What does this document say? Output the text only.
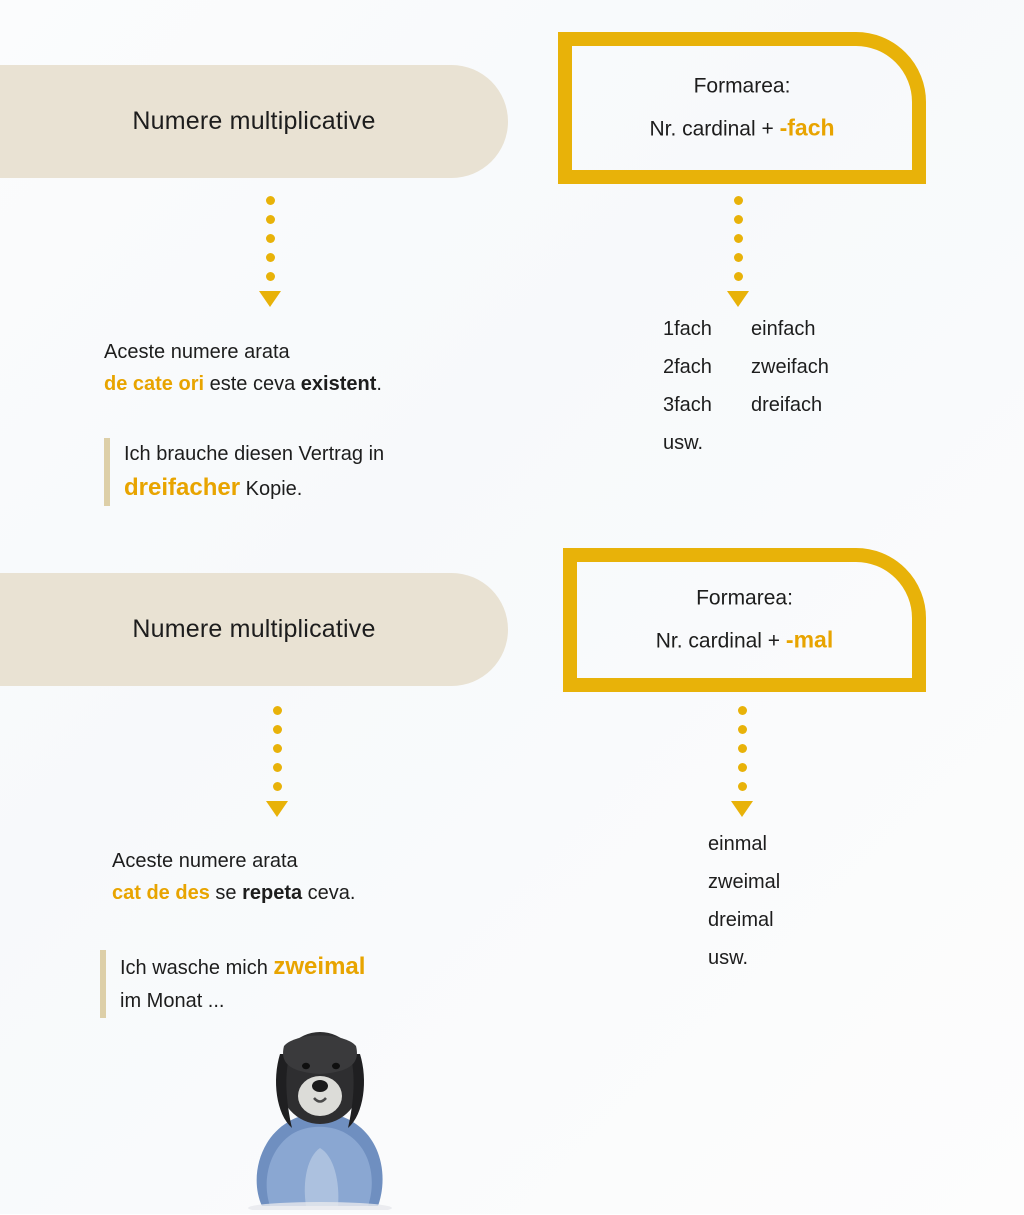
Numere multiplicative
Formarea:
Nr. cardinal + -fach
Aceste numere arata
de cate ori este ceva existent.
Ich brauche diesen Vertrag in
dreifacher Kopie.
1fach	einfach
2fach	zweifach
3fach	dreifach
usw.	
Numere multiplicative
Formarea:
Nr. cardinal + -mal
Aceste numere arata
cat de des se repeta ceva.
Ich wasche mich zweimal
im Monat ...
einmal
zweimal
dreimal
usw.
